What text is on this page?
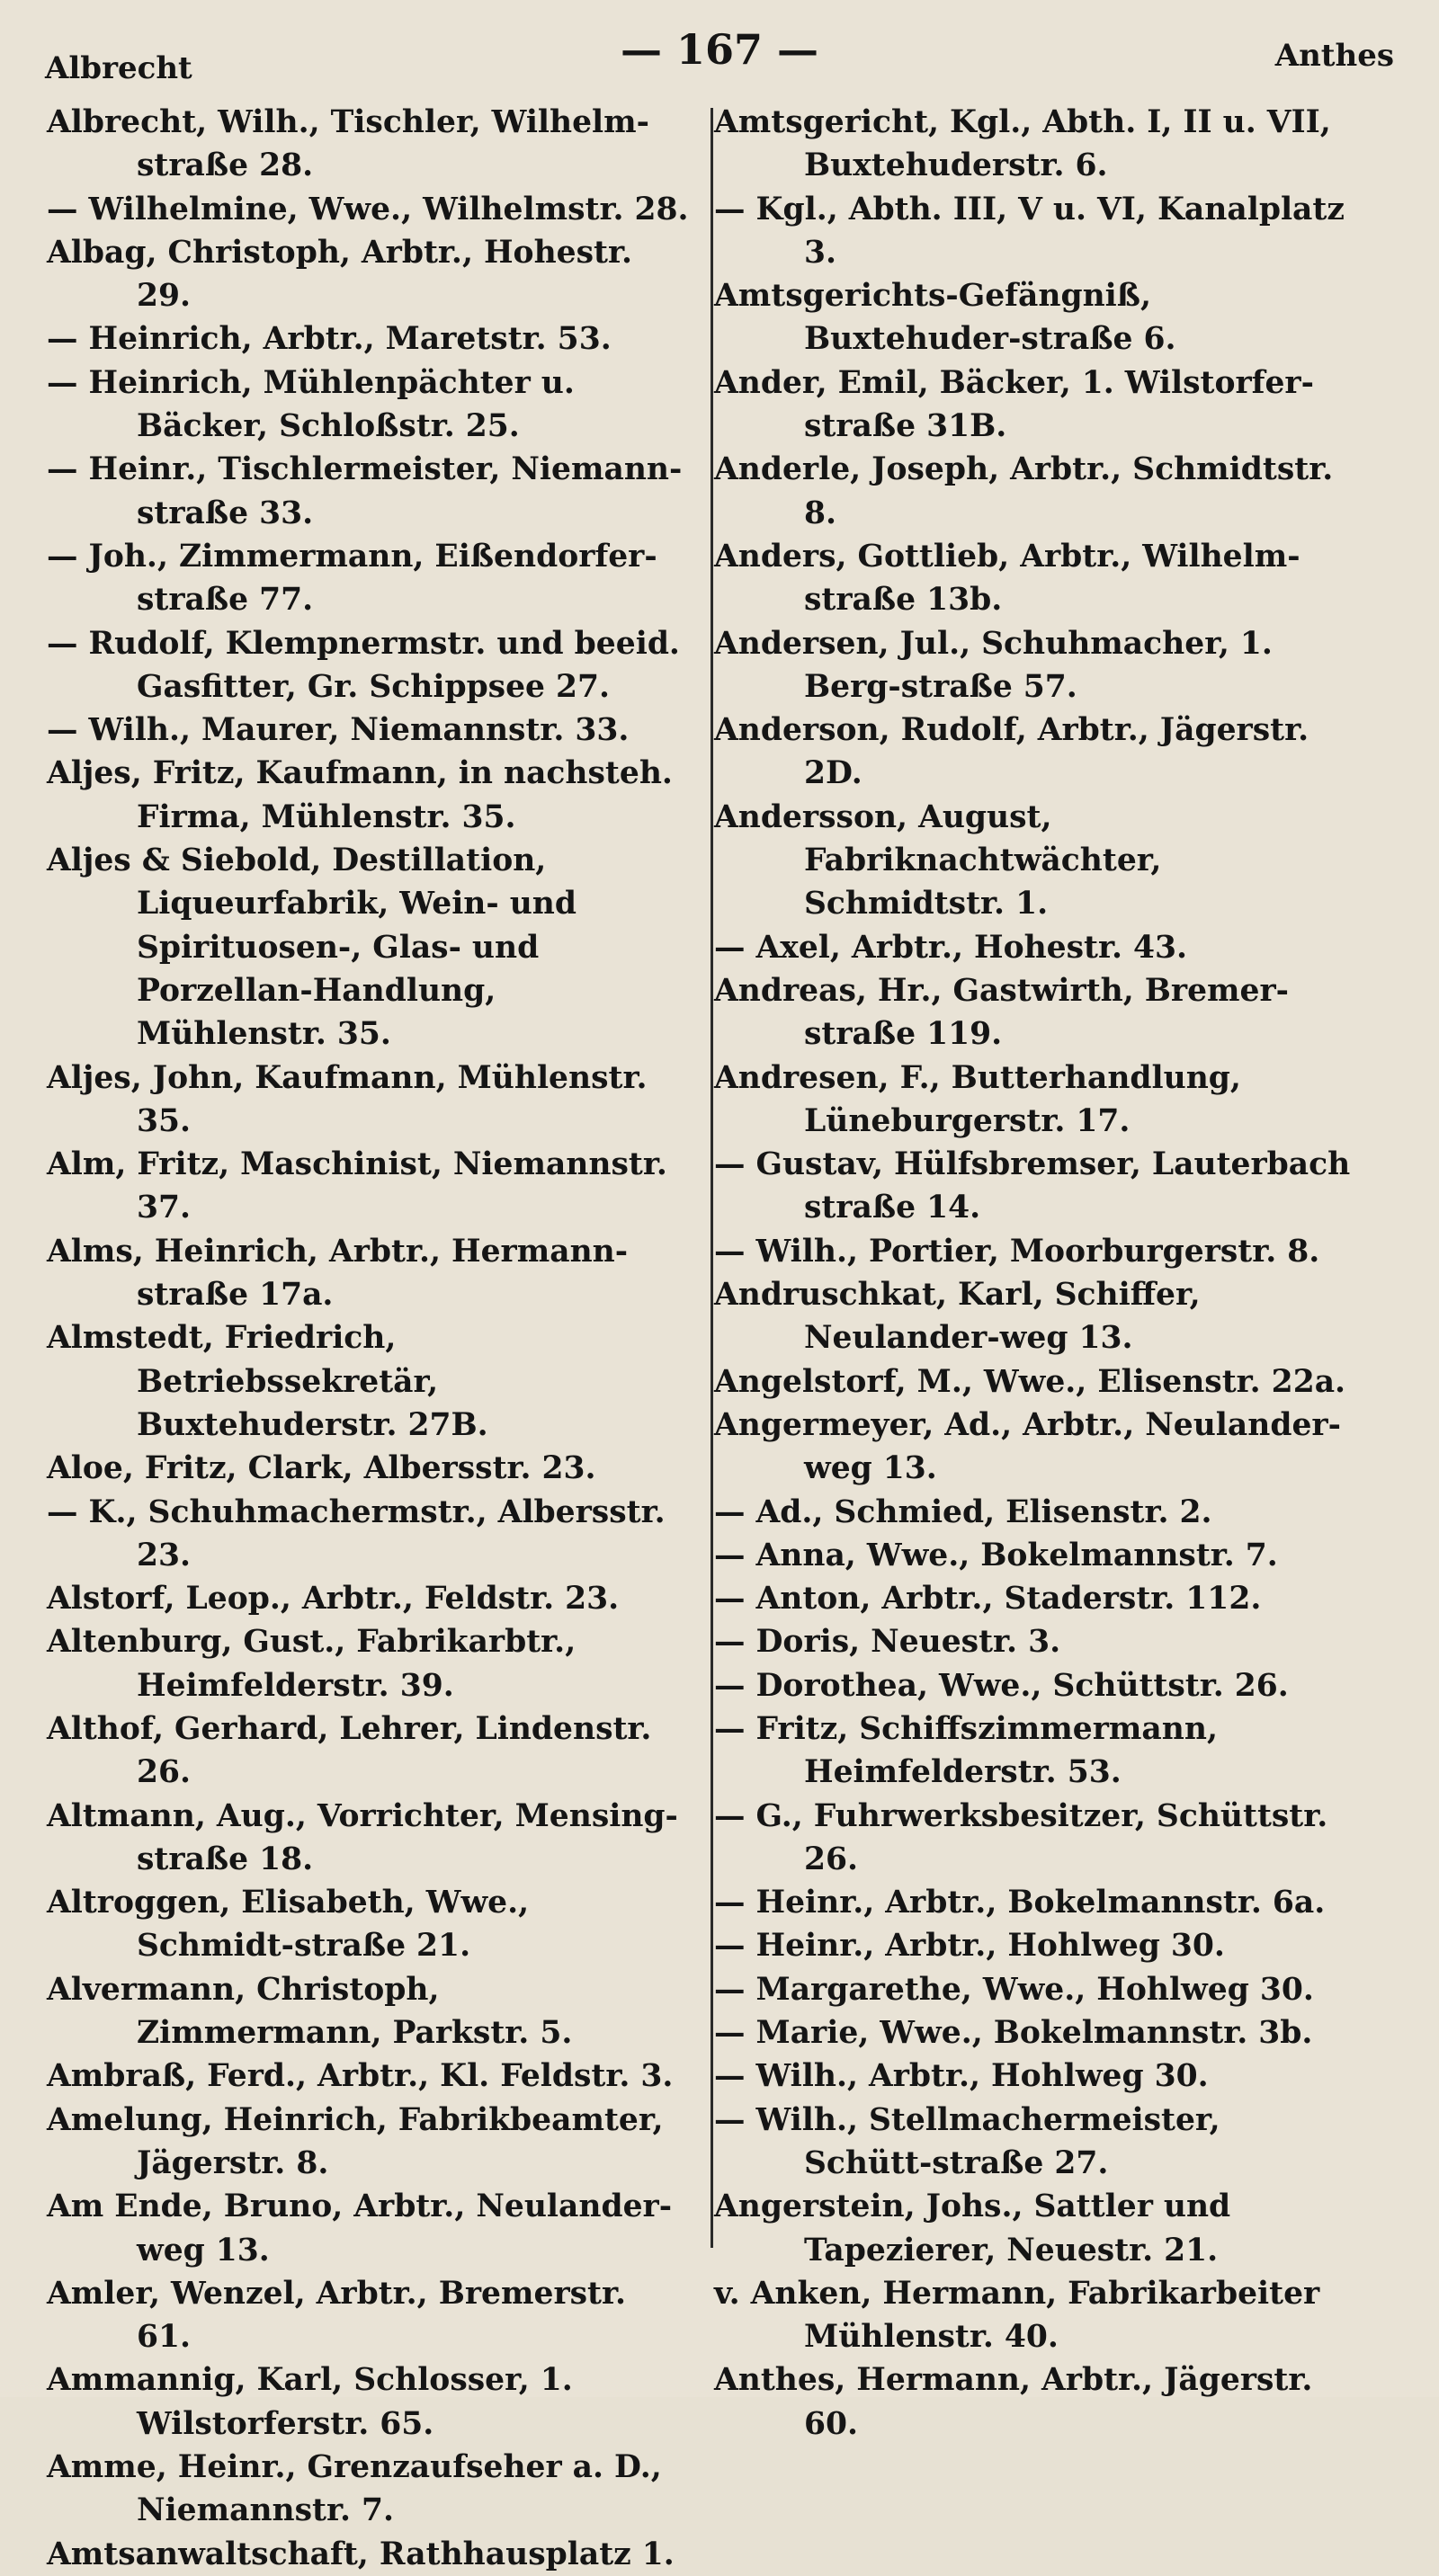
Albrecht	— 167 —	Anthes

Albrecht, Wilh., Tischler, Wilhelm-straße 28.

— Wilhelmine, Wwe., Wilhelmstr. 28.

Albag, Christoph, Arbtr., Hohestr. 29.

— Heinrich, Arbtr., Maretstr. 53.

— Heinrich, Mühlenpächter u. Bäcker, Schloßstr. 25.

— Heinr., Tischlermeister, Niemann-straße 33.

— Joh., Zimmermann, Eißendorfer-straße 77.

— Rudolf, Klempnermstr. und beeid. Gasfitter, Gr. Schippsee 27.

— Wilh., Maurer, Niemannstr. 33.

Aljes, Fritz, Kaufmann, in nachsteh. Firma, Mühlenstr. 35.

Aljes & Siebold, Destillation, Liqueurfabrik, Wein- und Spirituosen-, Glas- und Porzellan-Handlung, Mühlenstr. 35.

Aljes, John, Kaufmann, Mühlenstr. 35.

Alm, Fritz, Maschinist, Niemannstr. 37.

Alms, Heinrich, Arbtr., Hermann-straße 17a.

Almstedt, Friedrich, Betriebssekretär, Buxtehuderstr. 27B.

Aloe, Fritz, Clark, Albersstr. 23.

— K., Schuhmachermstr., Albersstr. 23.

Alstorf, Leop., Arbtr., Feldstr. 23.

Altenburg, Gust., Fabrikarbtr., Heimfelderstr. 39.

Althof, Gerhard, Lehrer, Lindenstr. 26.

Altmann, Aug., Vorrichter, Mensing-straße 18.

Altroggen, Elisabeth, Wwe., Schmidt-straße 21.

Alvermann, Christoph, Zimmermann, Parkstr. 5.

Ambraß, Ferd., Arbtr., Kl. Feldstr. 3.

Amelung, Heinrich, Fabrikbeamter, Jägerstr. 8.

Am Ende, Bruno, Arbtr., Neulander-weg 13.

Amler, Wenzel, Arbtr., Bremerstr. 61.

Ammannig, Karl, Schlosser, 1. Wilstorferstr. 65.

Amme, Heinr., Grenzaufseher a. D., Niemannstr. 7.

Amtsanwaltschaft, Rathhausplatz 1.

Amtsgericht, Kgl., Abth. I, II u. VII, Buxtehuderstr. 6.

— Kgl., Abth. III, V u. VI, Kanalplatz 3.

Amtsgerichts-Gefängniß, Buxtehuder-straße 6.

Ander, Emil, Bäcker, 1. Wilstorfer-straße 31B.

Anderle, Joseph, Arbtr., Schmidtstr. 8.

Anders, Gottlieb, Arbtr., Wilhelm-straße 13b.

Andersen, Jul., Schuhmacher, 1. Berg-straße 57.

Anderson, Rudolf, Arbtr., Jägerstr. 2D.

Andersson, August, Fabriknachtwächter, Schmidtstr. 1.

— Axel, Arbtr., Hohestr. 43.

Andreas, Hr., Gastwirth, Bremer-straße 119.

Andresen, F., Butterhandlung, Lüneburgerstr. 17.

— Gustav, Hülfsbremser, Lauterbach straße 14.

— Wilh., Portier, Moorburgerstr. 8.

Andruschkat, Karl, Schiffer, Neulander-weg 13.

Angelstorf, M., Wwe., Elisenstr. 22a.

Angermeyer, Ad., Arbtr., Neulander-weg 13.

— Ad., Schmied, Elisenstr. 2.

— Anna, Wwe., Bokelmannstr. 7.

— Anton, Arbtr., Staderstr. 112.

— Doris, Neuestr. 3.

— Dorothea, Wwe., Schüttstr. 26.

— Fritz, Schiffszimmermann, Heimfelderstr. 53.

— G., Fuhrwerksbesitzer, Schüttstr. 26.

— Heinr., Arbtr., Bokelmannstr. 6a.

— Heinr., Arbtr., Hohlweg 30.

— Margarethe, Wwe., Hohlweg 30.

— Marie, Wwe., Bokelmannstr. 3b.

— Wilh., Arbtr., Hohlweg 30.

— Wilh., Stellmachermeister, Schütt-straße 27.

Angerstein, Johs., Sattler und Tapezierer, Neuestr. 21.

v. Anken, Hermann, Fabrikarbeiter Mühlenstr. 40.

Anthes, Hermann, Arbtr., Jägerstr. 60.
